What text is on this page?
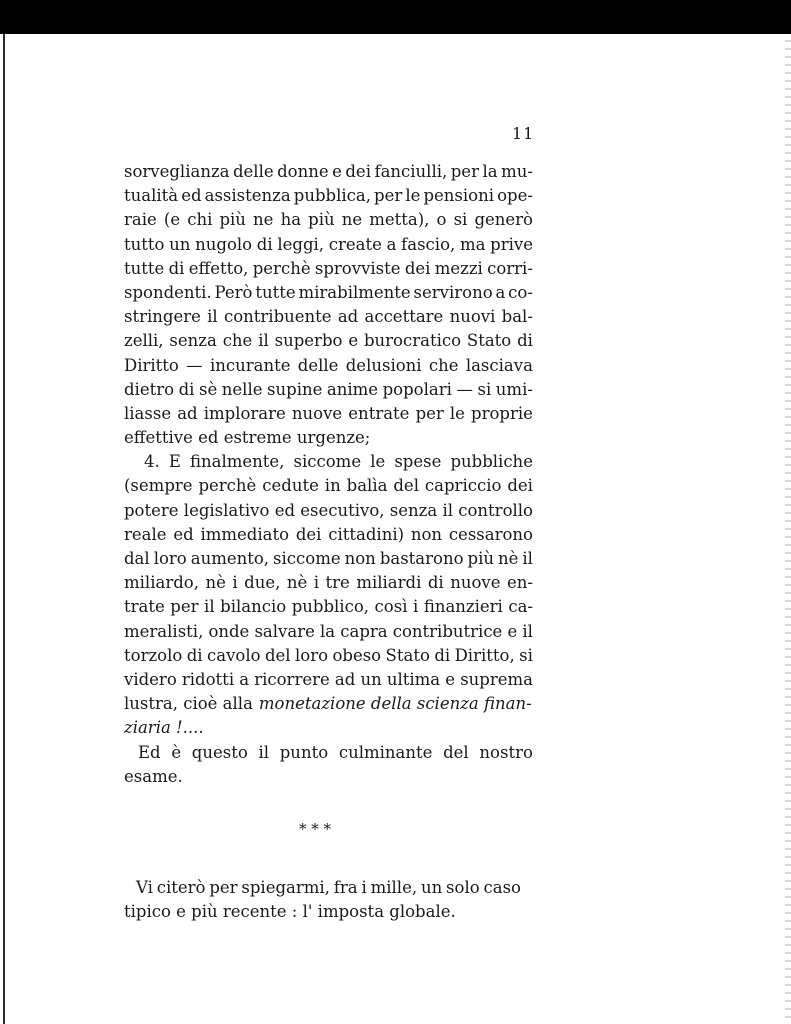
11
sorveglianza delle donne e dei fanciulli, per la mu-
tualità ed assistenza pubblica, per le pensioni ope-
raie (e chi più ne ha più ne metta), o si generò
tutto un nugolo di leggi, create a fascio, ma prive
tutte di effetto, perchè sprovviste dei mezzi corri-
spondenti. Però tutte mirabilmente servirono a co-
stringere il contribuente ad accettare nuovi bal-
zelli, senza che il superbo e burocratico Stato di
Diritto — incurante delle delusioni che lasciava
dietro di sè nelle supine anime popolari — si umi-
liasse ad implorare nuove entrate per le proprie
effettive ed estreme urgenze;
4. E finalmente, siccome le spese pubbliche
(sempre perchè cedute in balìa del capriccio dei
potere legislativo ed esecutivo, senza il controllo
reale ed immediato dei cittadini) non cessarono
dal loro aumento, siccome non bastarono più nè il
miliardo, nè i due, nè i tre miliardi di nuove en-
trate per il bilancio pubblico, così i finanzieri ca-
meralisti, onde salvare la capra contributrice e il
torzolo di cavolo del loro obeso Stato di Diritto, si
videro ridotti a ricorrere ad un ultima e suprema
lustra, cioè alla monetazione della scienza finan-
ziaria !....
Ed è questo il punto culminante del nostro
esame.
* * *
Vi citerò per spiegarmi, fra i mille, un solo caso
tipico e più recente : l' imposta globale.
